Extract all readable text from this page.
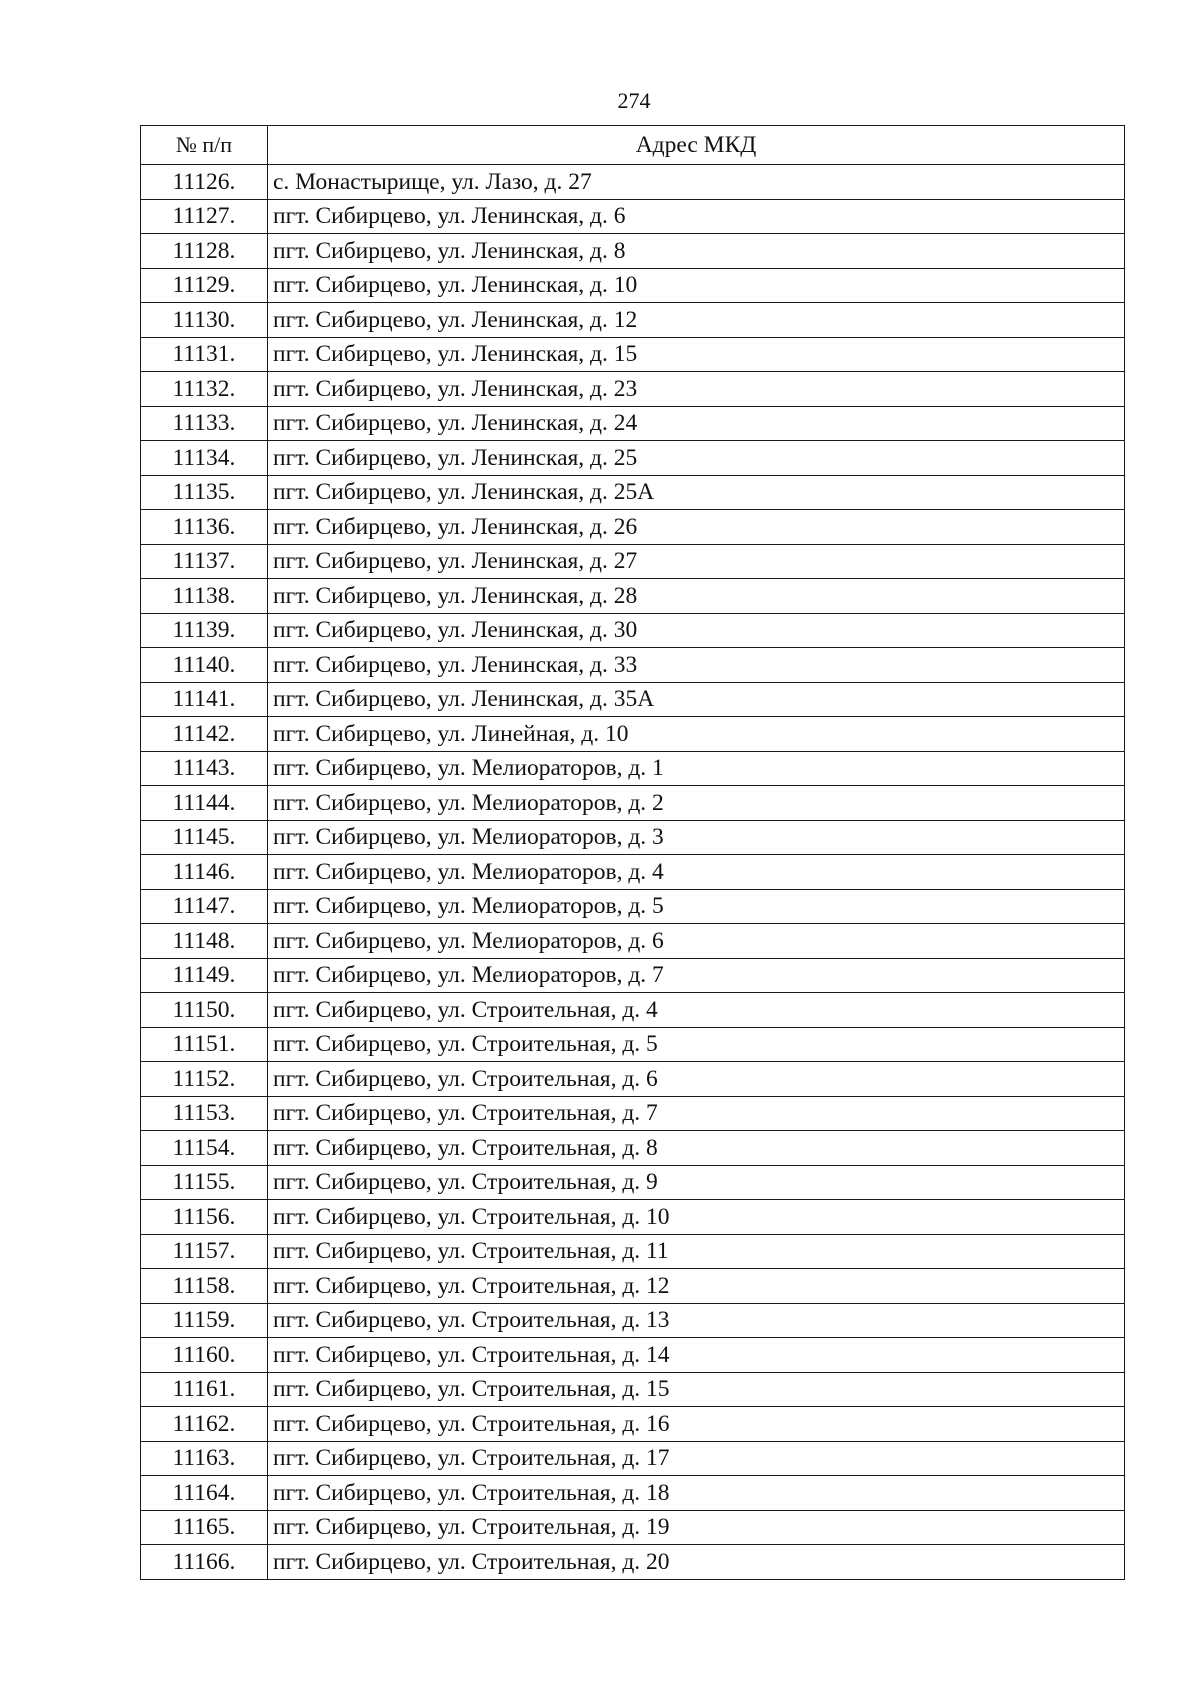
274
№ п/п	Адрес МКД
11126.	с. Монастырище, ул. Лазо, д. 27
11127.	пгт. Сибирцево, ул. Ленинская, д. 6
11128.	пгт. Сибирцево, ул. Ленинская, д. 8
11129.	пгт. Сибирцево, ул. Ленинская, д. 10
11130.	пгт. Сибирцево, ул. Ленинская, д. 12
11131.	пгт. Сибирцево, ул. Ленинская, д. 15
11132.	пгт. Сибирцево, ул. Ленинская, д. 23
11133.	пгт. Сибирцево, ул. Ленинская, д. 24
11134.	пгт. Сибирцево, ул. Ленинская, д. 25
11135.	пгт. Сибирцево, ул. Ленинская, д. 25А
11136.	пгт. Сибирцево, ул. Ленинская, д. 26
11137.	пгт. Сибирцево, ул. Ленинская, д. 27
11138.	пгт. Сибирцево, ул. Ленинская, д. 28
11139.	пгт. Сибирцево, ул. Ленинская, д. 30
11140.	пгт. Сибирцево, ул. Ленинская, д. 33
11141.	пгт. Сибирцево, ул. Ленинская, д. 35А
11142.	пгт. Сибирцево, ул. Линейная, д. 10
11143.	пгт. Сибирцево, ул. Мелиораторов, д. 1
11144.	пгт. Сибирцево, ул. Мелиораторов, д. 2
11145.	пгт. Сибирцево, ул. Мелиораторов, д. 3
11146.	пгт. Сибирцево, ул. Мелиораторов, д. 4
11147.	пгт. Сибирцево, ул. Мелиораторов, д. 5
11148.	пгт. Сибирцево, ул. Мелиораторов, д. 6
11149.	пгт. Сибирцево, ул. Мелиораторов, д. 7
11150.	пгт. Сибирцево, ул. Строительная, д. 4
11151.	пгт. Сибирцево, ул. Строительная, д. 5
11152.	пгт. Сибирцево, ул. Строительная, д. 6
11153.	пгт. Сибирцево, ул. Строительная, д. 7
11154.	пгт. Сибирцево, ул. Строительная, д. 8
11155.	пгт. Сибирцево, ул. Строительная, д. 9
11156.	пгт. Сибирцево, ул. Строительная, д. 10
11157.	пгт. Сибирцево, ул. Строительная, д. 11
11158.	пгт. Сибирцево, ул. Строительная, д. 12
11159.	пгт. Сибирцево, ул. Строительная, д. 13
11160.	пгт. Сибирцево, ул. Строительная, д. 14
11161.	пгт. Сибирцево, ул. Строительная, д. 15
11162.	пгт. Сибирцево, ул. Строительная, д. 16
11163.	пгт. Сибирцево, ул. Строительная, д. 17
11164.	пгт. Сибирцево, ул. Строительная, д. 18
11165.	пгт. Сибирцево, ул. Строительная, д. 19
11166.	пгт. Сибирцево, ул. Строительная, д. 20
